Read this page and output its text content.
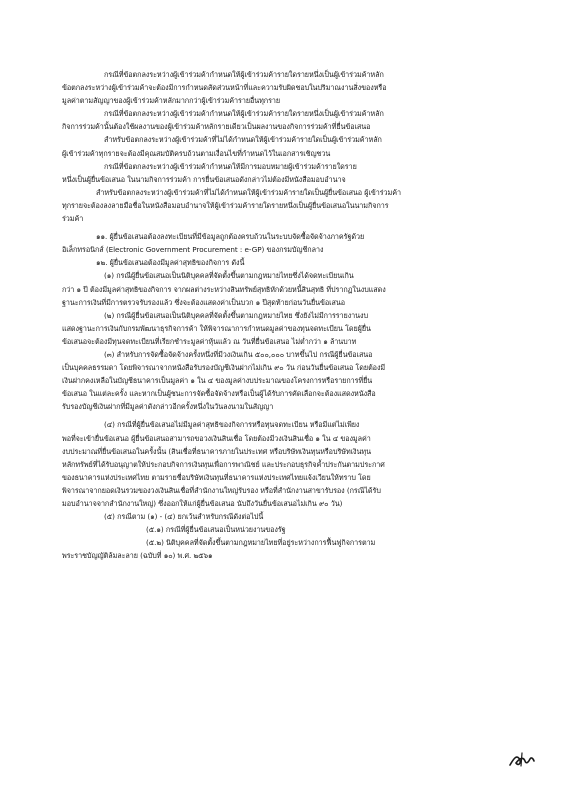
กรณีที่ข้อตกลงระหว่างผู้เข้าร่วมค้ากำหนดให้ผู้เข้าร่วมค้ารายใดรายหนึ่งเป็นผู้เข้าร่วมค้าหลัก

ข้อตกลงระหว่างผู้เข้าร่วมค้าจะต้องมีการกำหนดสัดส่วนหน้าที่และความรับผิดชอบในปริมาณงานสิ่งของหรือ

มูลค่าตามสัญญาของผู้เข้าร่วมค้าหลักมากกว่าผู้เข้าร่วมค้ารายอื่นทุกราย

กรณีที่ข้อตกลงระหว่างผู้เข้าร่วมค้ากำหนดให้ผู้เข้าร่วมค้ารายใดรายหนึ่งเป็นผู้เข้าร่วมค้าหลัก

กิจการร่วมค้านั้นต้องใช้ผลงานของผู้เข้าร่วมค้าหลักรายเดียวเป็นผลงานของกิจการร่วมค้าที่ยื่นข้อเสนอ

สำหรับข้อตกลงระหว่างผู้เข้าร่วมค้าที่ไม่ได้กำหนดให้ผู้เข้าร่วมค้ารายใดเป็นผู้เข้าร่วมค้าหลัก

ผู้เข้าร่วมค้าทุกรายจะต้องมีคุณสมบัติครบถ้วนตามเงื่อนไขที่กำหนดไว้ในเอกสารเชิญชวน

กรณีที่ข้อตกลงระหว่างผู้เข้าร่วมค้ากำหนดให้มีการมอบหมายผู้เข้าร่วมค้ารายใดราย

หนึ่งเป็นผู้ยื่นข้อเสนอ ในนามกิจการร่วมค้า การยื่นข้อเสนอดังกล่าวไม่ต้องมีหนังสือมอบอำนาจ

สำหรับข้อตกลงระหว่างผู้เข้าร่วมค้าที่ไม่ได้กำหนดให้ผู้เข้าร่วมค้ารายใดเป็นผู้ยื่นข้อเสนอ ผู้เข้าร่วมค้า

ทุกรายจะต้องลงลายมือชื่อในหนังสือมอบอำนาจให้ผู้เข้าร่วมค้ารายใดรายหนึ่งเป็นผู้ยื่นข้อเสนอในนามกิจการ

ร่วมค้า

๑๑. ผู้ยื่นข้อเสนอต้องลงทะเบียนที่มีข้อมูลถูกต้องครบถ้วนในระบบจัดซื้อจัดจ้างภาครัฐด้วย

อิเล็กทรอนิกส์ (Electronic Government Procurement : e-GP) ของกรมบัญชีกลาง

๑๒. ผู้ยื่นข้อเสนอต้องมีมูลค่าสุทธิของกิจการ ดังนี้

(๑) กรณีผู้ยื่นข้อเสนอเป็นนิติบุคคลที่จัดตั้งขึ้นตามกฎหมายไทยซึ่งได้จดทะเบียนเกิน

กว่า ๑ ปี ต้องมีมูลค่าสุทธิของกิจการ จากผลต่างระหว่างสินทรัพย์สุทธิหักด้วยหนี้สินสุทธิ ที่ปรากฏในงบแสดง

ฐานะการเงินที่มีการตรวจรับรองแล้ว ซึ่งจะต้องแสดงค่าเป็นบวก ๑ ปีสุดท้ายก่อนวันยื่นข้อเสนอ

(๒) กรณีผู้ยื่นข้อเสนอเป็นนิติบุคคลที่จัดตั้งขึ้นตามกฎหมายไทย ซึ่งยังไม่มีการรายงานงบ

แสดงฐานะการเงินกับกรมพัฒนาธุรกิจการค้า ให้พิจารณาการกำหนดมูลค่าของทุนจดทะเบียน โดยผู้ยื่น

ข้อเสนอจะต้องมีทุนจดทะเบียนที่เรียกชำระมูลค่าหุ้นแล้ว ณ วันที่ยื่นข้อเสนอ ไม่ต่ำกว่า ๑ ล้านบาท

(๓) สำหรับการจัดซื้อจัดจ้างครั้งหนึ่งที่มีวงเงินเกิน ๕๐๐,๐๐๐ บาทขึ้นไป กรณีผู้ยื่นข้อเสนอ

เป็นบุคคลธรรมดา โดยพิจารณาจากหนังสือรับรองบัญชีเงินฝากไม่เกิน ๙๐ วัน ก่อนวันยื่นข้อเสนอ โดยต้องมี

เงินฝากคงเหลือในบัญชีธนาคารเป็นมูลค่า ๑ ใน ๔ ของมูลค่างบประมาณของโครงการหรือรายการที่ยื่น

ข้อเสนอ ในแต่ละครั้ง และหากเป็นผู้ชนะการจัดซื้อจัดจ้างหรือเป็นผู้ได้รับการคัดเลือกจะต้องแสดงหนังสือ

รับรองบัญชีเงินฝากที่มีมูลค่าดังกล่าวอีกครั้งหนึ่งในวันลงนามในสัญญา

(๔) กรณีที่ผู้ยื่นข้อเสนอไม่มีมูลค่าสุทธิของกิจการหรือทุนจดทะเบียน หรือมีแต่ไม่เพียง

พอที่จะเข้ายื่นข้อเสนอ ผู้ยื่นข้อเสนอสามารถขอวงเงินสินเชื่อ โดยต้องมีวงเงินสินเชื่อ ๑ ใน ๔ ของมูลค่า

งบประมาณที่ยื่นข้อเสนอในครั้งนั้น (สินเชื่อที่ธนาคารภายในประเทศ หรือบริษัทเงินทุนหรือบริษัทเงินทุน

หลักทรัพย์ที่ได้รับอนุญาตให้ประกอบกิจการเงินทุนเพื่อการพาณิชย์ และประกอบธุรกิจค้ำประกันตามประกาศ

ของธนาคารแห่งประเทศไทย ตามรายชื่อบริษัทเงินทุนที่ธนาคารแห่งประเทศไทยแจ้งเวียนให้ทราบ โดย

พิจารณาจากยอดเงินรวมของวงเงินสินเชื่อที่สำนักงานใหญ่รับรอง หรือที่สำนักงานสาขารับรอง (กรณีได้รับ

มอบอำนาจจากสำนักงานใหญ่) ซึ่งออกให้แก่ผู้ยื่นข้อเสนอ นับถึงวันยื่นข้อเสนอไม่เกิน ๙๐ วัน)

(๕) กรณีตาม (๑) - (๔) ยกเว้นสำหรับกรณีดังต่อไปนี้

(๕.๑) กรณีที่ผู้ยื่นข้อเสนอเป็นหน่วยงานของรัฐ

(๕.๒) นิติบุคคลที่จัดตั้งขึ้นตามกฎหมายไทยที่อยู่ระหว่างการฟื้นฟูกิจการตาม

พระราชบัญญัติล้มละลาย (ฉบับที่ ๑๐) พ.ศ. ๒๕๖๑
